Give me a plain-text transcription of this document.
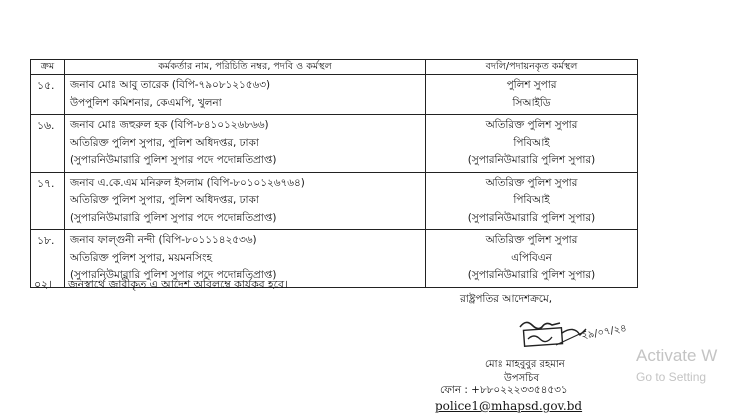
ক্রম	কর্মকর্তার নাম, পরিচিতি নম্বর, পদবি ও কর্মস্থল	বদলি/পদায়নকৃত কর্মস্থল
১৫.	জনাব মোঃ আবু তারেক (বিপি-৭৯০৮১২১৫৬৩)
উপপুলিশ কমিশনার, কেএমপি, খুলনা	পুলিশ সুপার
সিআইডি

১৬.	জনাব মোঃ জহুরুল হক (বিপি-৮৪১০১২৬৮৬৬)
অতিরিক্ত পুলিশ সুপার, পুলিশ অধিদপ্তর, ঢাকা
(সুপারনিউমারারি পুলিশ সুপার পদে পদোন্নতিপ্রাপ্ত)	অতিরিক্ত পুলিশ সুপার
পিবিআই
(সুপারনিউমারারি পুলিশ সুপার)

১৭.	জনাব এ.কে.এম মনিরুল ইসলাম (বিপি-৮০১০১২৬৭৬৪)
অতিরিক্ত পুলিশ সুপার, পুলিশ অধিদপ্তর, ঢাকা
(সুপারনিউমারারি পুলিশ সুপার পদে পদোন্নতিপ্রাপ্ত)	অতিরিক্ত পুলিশ সুপার
পিবিআই
(সুপারনিউমারারি পুলিশ সুপার)

১৮.	জনাব ফাল্গুনী নন্দী (বিপি-৮০১১১৪২৫৩৬)
অতিরিক্ত পুলিশ সুপার, ময়মনসিংহ
(সুপারনিউমারারি পুলিশ সুপার পদে পদোন্নতিপ্রাপ্ত)	অতিরিক্ত পুলিশ সুপার
এপিবিএন
(সুপারনিউমারারি পুলিশ সুপার)
০২। জনস্বার্থে জারীকৃত এ আদেশ অবিলম্বে কার্যকর হবে।
রাষ্ট্রপতির আদেশক্রমে,
২৯/০৭/২৪
মোঃ মাহবুবুর রহমান
উপসচিব
ফোন : +৮৮০২২২৩৩৫৪৫৩১
police1@mhapsd.gov.bd
Activate W
Go to Setting
